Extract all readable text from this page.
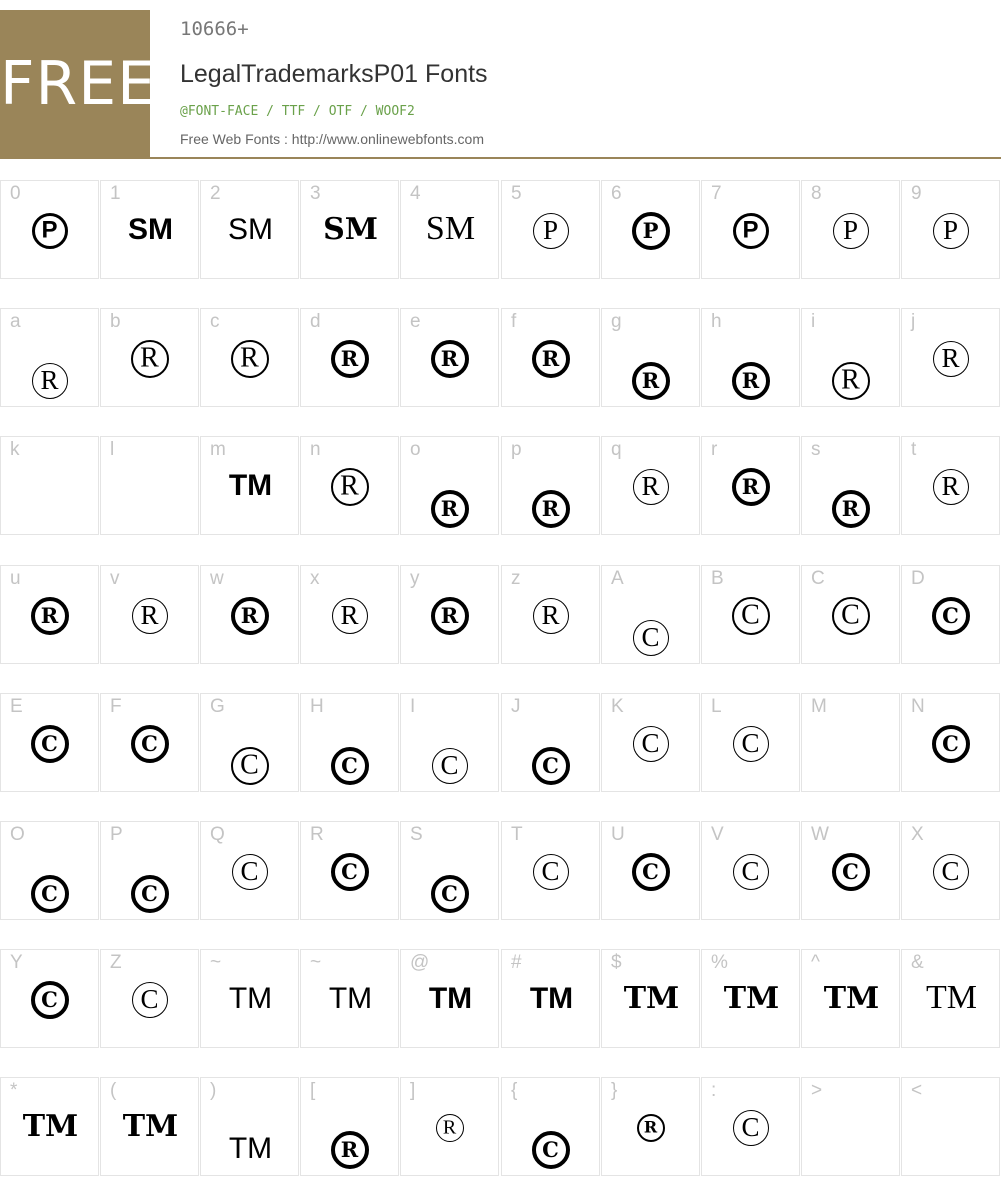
FREE
10666+
LegalTrademarksP01 Fonts
@FONT-FACE / TTF / OTF / WOOF2
Free Web Fonts : http://www.onlinewebfonts.com
0
P
1
SM
2
SM
3
SM
4
SM
5
P
6
P
7
P
8
P
9
P
a
R
b
R
c
R
d
R
e
R
f
R
g
R
h
R
i
R
j
R
k	l	m
TM
n
R
o
R
p
R
q
R
r
R
s
R
t
R
u
R
v
R
w
R
x
R
y
R
z
R
A
C
B
C
C
C
D
C
E
C
F
C
G
C
H
C
I
C
J
C
K
C
L
C
M	N
C
O
C
P
C
Q
C
R
C
S
C
T
C
U
C
V
C
W
C
X
C
Y
C
Z
C
~
TM
~
TM
@
TM
#
TM
$
TM
%
TM
^
TM
&
TM
*
TM
(
TM
)
TM
[
R
]
R
{
C
}
R
:
C
>	<
